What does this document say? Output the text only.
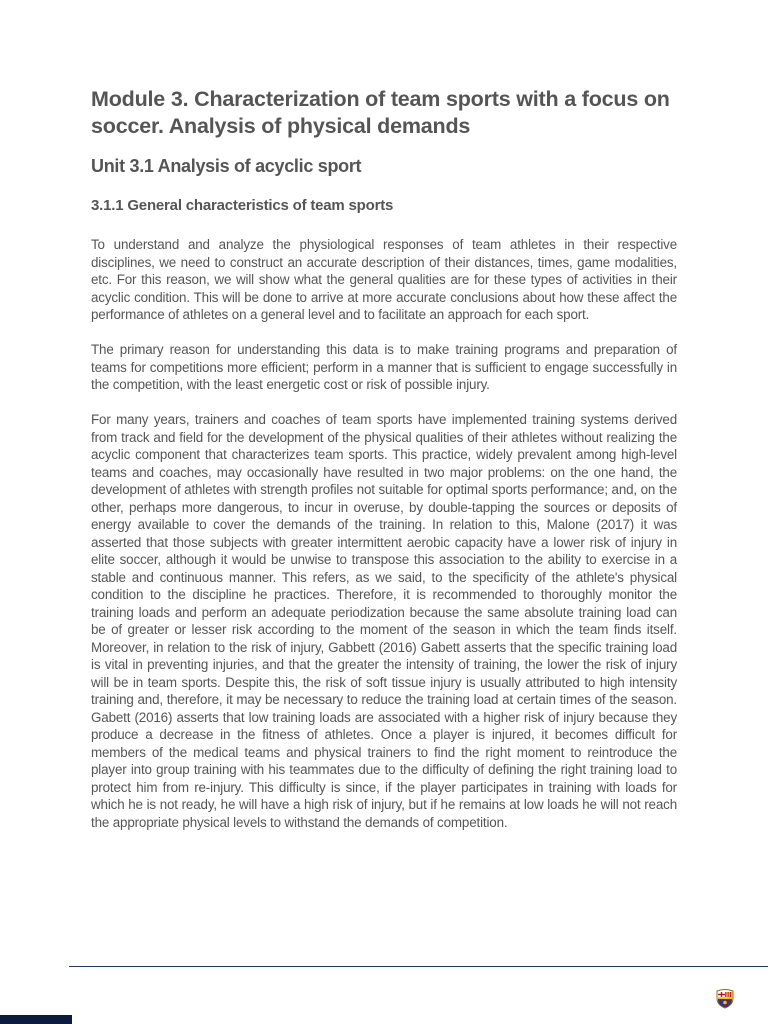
Module 3. Characterization of team sports with a focus on soccer. Analysis of physical demands
Unit 3.1 Analysis of acyclic sport
3.1.1 General characteristics of team sports

To understand and analyze the physiological responses of team athletes in their respective disciplines, we need to construct an accurate description of their distances, times, game modalities, etc. For this reason, we will show what the general qualities are for these types of activities in their acyclic condition. This will be done to arrive at more accurate conclusions about how these affect the performance of athletes on a general level and to facilitate an approach for each sport.

The primary reason for understanding this data is to make training programs and preparation of teams for competitions more efficient; perform in a manner that is sufficient to engage successfully in the competition, with the least energetic cost or risk of possible injury.

For many years, trainers and coaches of team sports have implemented training systems derived from track and field for the development of the physical qualities of their athletes without realizing the acyclic component that characterizes team sports. This practice, widely prevalent among high-level teams and coaches, may occasionally have resulted in two major problems: on the one hand, the development of athletes with strength profiles not suitable for optimal sports performance; and, on the other, perhaps more dangerous, to incur in overuse, by double-tapping the sources or deposits of energy available to cover the demands of the training. In relation to this, Malone (2017) it was asserted that those subjects with greater intermittent aerobic capacity have a lower risk of injury in elite soccer, although it would be unwise to transpose this association to the ability to exercise in a stable and continuous manner. This refers, as we said, to the specificity of the athlete's physical condition to the discipline he practices. Therefore, it is recommended to thoroughly monitor the training loads and perform an adequate periodization because the same absolute training load can be of greater or lesser risk according to the moment of the season in which the team finds itself. Moreover, in relation to the risk of injury, Gabbett (2016) Gabett asserts that the specific training load is vital in preventing injuries, and that the greater the intensity of training, the lower the risk of injury will be in team sports. Despite this, the risk of soft tissue injury is usually attributed to high intensity training and, therefore, it may be necessary to reduce the training load at certain times of the season. Gabett (2016) asserts that low training loads are associated with a higher risk of injury because they produce a decrease in the fitness of athletes. Once a player is injured, it becomes difficult for members of the medical teams and physical trainers to find the right moment to reintroduce the player into group training with his teammates due to the difficulty of defining the right training load to protect him from re-injury. This difficulty is since, if the player participates in training with loads for which he is not ready, he will have a high risk of injury, but if he remains at low loads he will not reach the appropriate physical levels to withstand the demands of competition.
